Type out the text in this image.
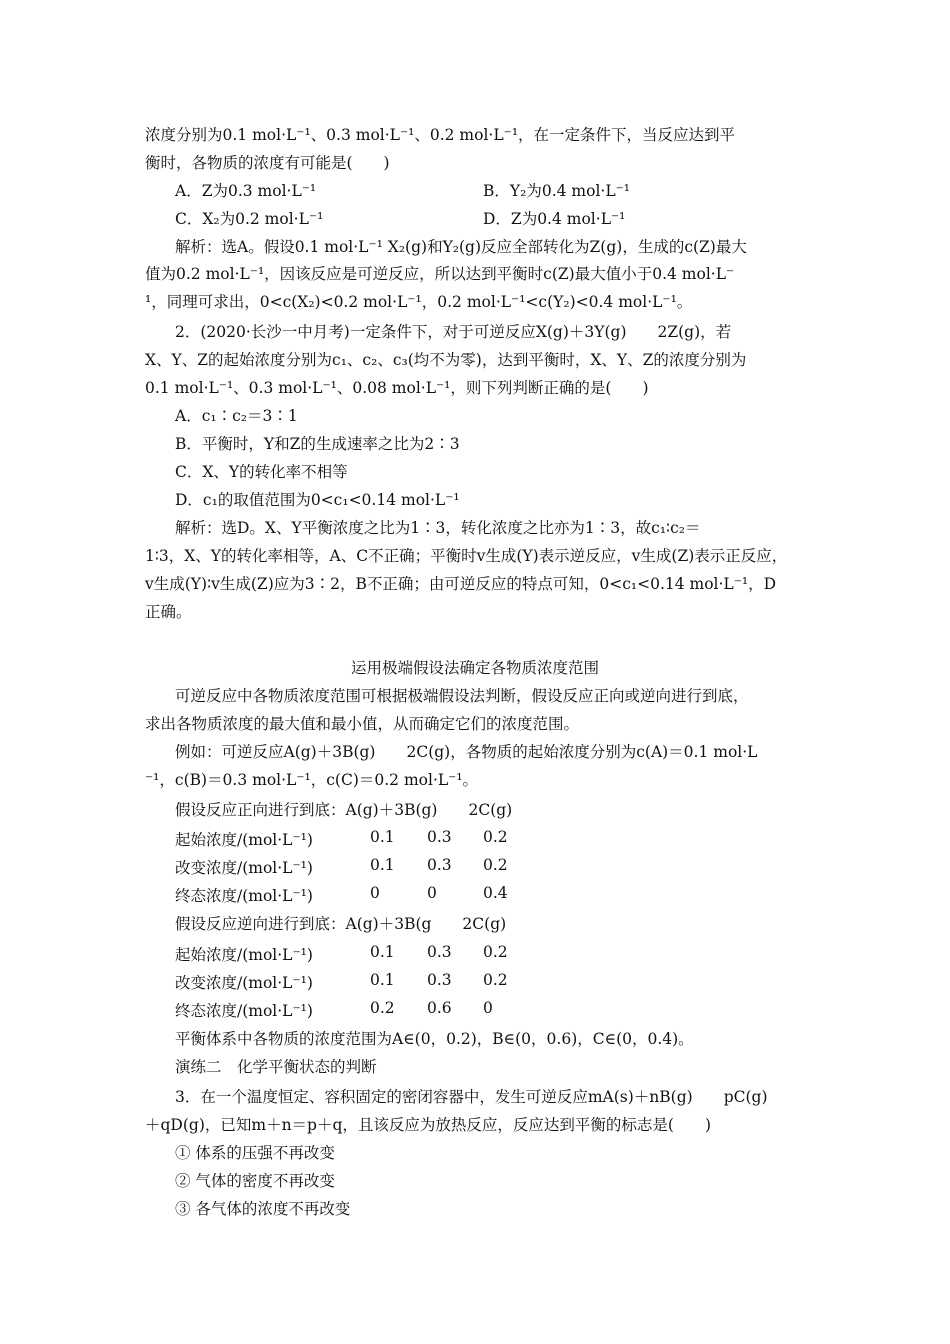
浓度分别为0.1 mol·L⁻¹、0.3 mol·L⁻¹、0.2 mol·L⁻¹，在一定条件下，当反应达到平
衡时，各物质的浓度有可能是(　　)
A．Z为0.3 mol·L⁻¹	B．Y₂为0.4 mol·L⁻¹
C．X₂为0.2 mol·L⁻¹	D．Z为0.4 mol·L⁻¹
解析：选A。假设0.1 mol·L⁻¹ X₂(g)和Y₂(g)反应全部转化为Z(g)，生成的c(Z)最大
值为0.2 mol·L⁻¹，因该反应是可逆反应，所以达到平衡时c(Z)最大值小于0.4 mol·L⁻
¹，同理可求出，0<c(X₂)<0.2 mol·L⁻¹，0.2 mol·L⁻¹<c(Y₂)<0.4 mol·L⁻¹。
2．(2020·长沙一中月考)一定条件下，对于可逆反应X(g)＋3Y(g)　　2Z(g)，若
X、Y、Z的起始浓度分别为c₁、c₂、c₃(均不为零)，达到平衡时，X、Y、Z的浓度分别为
0.1 mol·L⁻¹、0.3 mol·L⁻¹、0.08 mol·L⁻¹，则下列判断正确的是(　　)
A．c₁∶c₂＝3∶1
B．平衡时，Y和Z的生成速率之比为2∶3
C．X、Y的转化率不相等
D．c₁的取值范围为0<c₁<0.14 mol·L⁻¹
解析：选D。X、Y平衡浓度之比为1∶3，转化浓度之比亦为1∶3，故c₁∶c₂＝
1∶3，X、Y的转化率相等，A、C不正确；平衡时v生成(Y)表示逆反应，v生成(Z)表示正反应，
v生成(Y)∶v生成(Z)应为3∶2，B不正确；由可逆反应的特点可知，0<c₁<0.14 mol·L⁻¹，D
正确。
运用极端假设法确定各物质浓度范围
可逆反应中各物质浓度范围可根据极端假设法判断，假设反应正向或逆向进行到底，
求出各物质浓度的最大值和最小值，从而确定它们的浓度范围。
例如：可逆反应A(g)＋3B(g)　　2C(g)，各物质的起始浓度分别为c(A)＝0.1 mol·L
⁻¹，c(B)＝0.3 mol·L⁻¹，c(C)＝0.2 mol·L⁻¹。
假设反应正向进行到底：A(g)＋3B(g)　　2C(g)
起始浓度/(mol·L⁻¹)	0.1 0.3 0.2
改变浓度/(mol·L⁻¹)	0.1 0.3 0.2
终态浓度/(mol·L⁻¹)	0	0	0.4
假设反应逆向进行到底：A(g)＋3B(g　　2C(g)
起始浓度/(mol·L⁻¹)	0.1 0.3 0.2
改变浓度/(mol·L⁻¹)	0.1 0.3 0.2
终态浓度/(mol·L⁻¹)	0.2 0.6 0
平衡体系中各物质的浓度范围为A∈(0，0.2)，B∈(0，0.6)，C∈(0，0.4)。
演练二　化学平衡状态的判断
3．在一个温度恒定、容积固定的密闭容器中，发生可逆反应mA(s)＋nB(g)　　pC(g)
＋qD(g)，已知m＋n＝p＋q，且该反应为放热反应，反应达到平衡的标志是(　　)
① 体系的压强不再改变
② 气体的密度不再改变
③ 各气体的浓度不再改变
